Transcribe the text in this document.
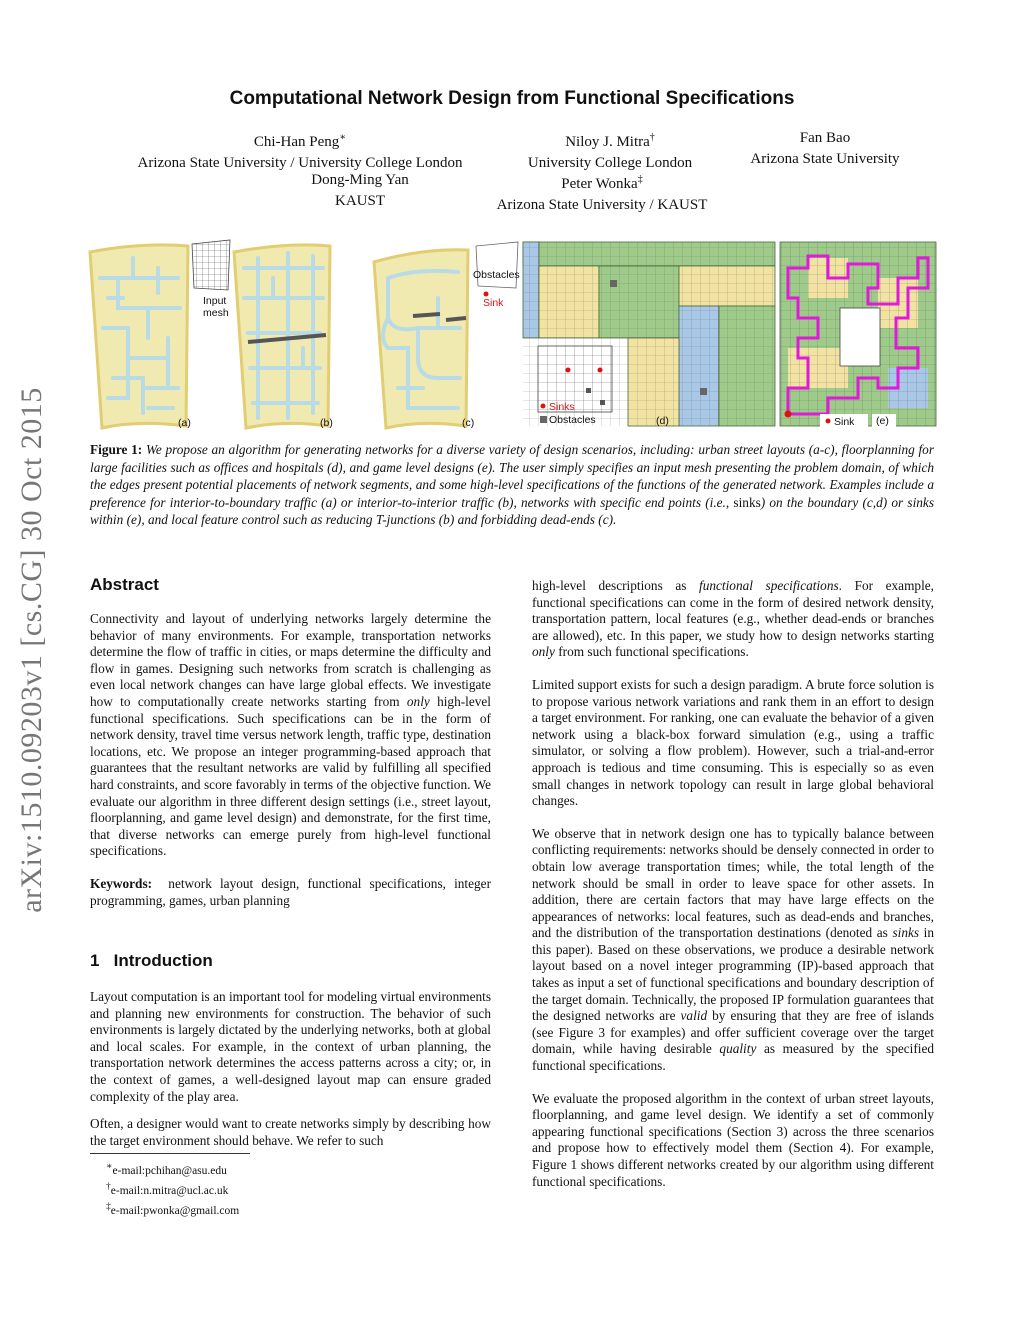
arXiv:1510.09203v1 [cs.CG] 30 Oct 2015
Computational Network Design from Functional Specifications
Chi-Han Peng∗
Arizona State University / University College London
Niloy J. Mitra†
University College London
Fan Bao
Arizona State University
Dong-Ming Yan
KAUST
Peter Wonka‡
Arizona State University / KAUST
Input
mesh
(a)	(b)
Obstacles
Sink
(c)
Sinks
Obstacles	(d)	Sink (e)
Figure 1: We propose an algorithm for generating networks for a diverse variety of design scenarios, including: urban street layouts (a-c), floorplanning for large facilities such as offices and hospitals (d), and game level designs (e). The user simply specifies an input mesh presenting the problem domain, of which the edges present potential placements of network segments, and some high-level specifications of the functions of the generated network. Examples include a preference for interior-to-boundary traffic (a) or interior-to-interior traffic (b), networks with specific end points (i.e., sinks) on the boundary (c,d) or sinks within (e), and local feature control such as reducing T-junctions (b) and forbidding dead-ends (c).
Abstract

Connectivity and layout of underlying networks largely determine the behavior of many environments. For example, transportation networks determine the flow of traffic in cities, or maps determine the difficulty and flow in games. Designing such networks from scratch is challenging as even local network changes can have large global effects. We investigate how to computationally create networks starting from only high-level functional specifications. Such specifications can be in the form of network density, travel time versus network length, traffic type, destination locations, etc. We propose an integer programming-based approach that guarantees that the resultant networks are valid by fulfilling all specified hard constraints, and score favorably in terms of the objective function. We evaluate our algorithm in three different design settings (i.e., street layout, floorplanning, and game level design) and demonstrate, for the first time, that diverse networks can emerge purely from high-level functional specifications.

Keywords: network layout design, functional specifications, integer programming, games, urban planning

1 Introduction

Layout computation is an important tool for modeling virtual environments and planning new environments for construction. The behavior of such environments is largely dictated by the underlying networks, both at global and local scales. For example, in the context of urban planning, the transportation network determines the access patterns across a city; or, in the context of games, a well-designed layout map can ensure graded complexity of the play area.

Often, a designer would want to create networks simply by describing how the target environment should behave. We refer to such

∗e-mail:pchihan@asu.edu
†e-mail:n.mitra@ucl.ac.uk
‡e-mail:pwonka@gmail.com

high-level descriptions as functional specifications. For example, functional specifications can come in the form of desired network density, transportation pattern, local features (e.g., whether dead-ends or branches are allowed), etc. In this paper, we study how to design networks starting only from such functional specifications.

Limited support exists for such a design paradigm. A brute force solution is to propose various network variations and rank them in an effort to design a target environment. For ranking, one can evaluate the behavior of a given network using a black-box forward simulation (e.g., using a traffic simulator, or solving a flow problem). However, such a trial-and-error approach is tedious and time consuming. This is especially so as even small changes in network topology can result in large global behavioral changes.

We observe that in network design one has to typically balance between conflicting requirements: networks should be densely connected in order to obtain low average transportation times; while, the total length of the network should be small in order to leave space for other assets. In addition, there are certain factors that may have large effects on the appearances of networks: local features, such as dead-ends and branches, and the distribution of the transportation destinations (denoted as sinks in this paper). Based on these observations, we produce a desirable network layout based on a novel integer programming (IP)-based approach that takes as input a set of functional specifications and boundary description of the target domain. Technically, the proposed IP formulation guarantees that the designed networks are valid by ensuring that they are free of islands (see Figure 3 for examples) and offer sufficient coverage over the target domain, while having desirable quality as measured by the specified functional specifications.

We evaluate the proposed algorithm in the context of urban street layouts, floorplanning, and game level design. We identify a set of commonly appearing functional specifications (Section 3) across the three scenarios and propose how to effectively model them (Section 4). For example, Figure 1 shows different networks created by our algorithm using different functional specifications.
